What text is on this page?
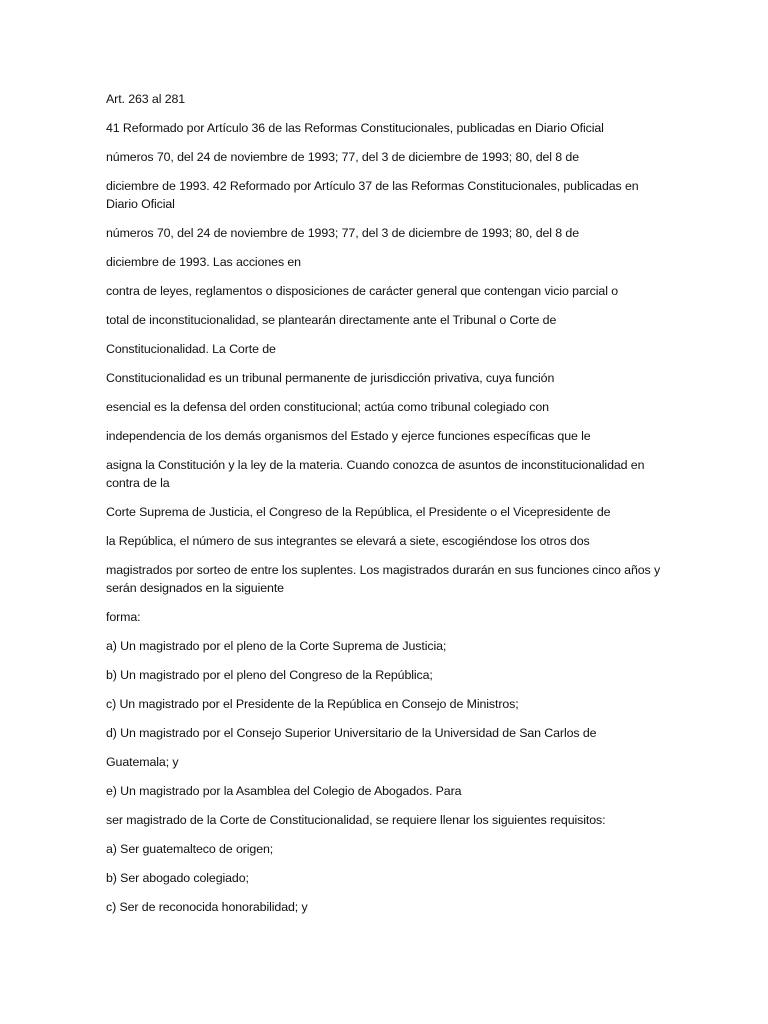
Art. 263 al 281

41 Reformado por Artículo 36 de las Reformas Constitucionales, publicadas en Diario Oficial

números 70, del 24 de noviembre de 1993; 77, del 3 de diciembre de 1993; 80, del 8 de

diciembre de 1993. 42 Reformado por Artículo 37 de las Reformas Constitucionales, publicadas en Diario Oficial

números 70, del 24 de noviembre de 1993; 77, del 3 de diciembre de 1993; 80, del 8 de

diciembre de 1993. Las acciones en

contra de leyes, reglamentos o disposiciones de carácter general que contengan vicio parcial o

total de inconstitucionalidad, se plantearán directamente ante el Tribunal o Corte de

Constitucionalidad. La Corte de

Constitucionalidad es un tribunal permanente de jurisdicción privativa, cuya función

esencial es la defensa del orden constitucional; actúa como tribunal colegiado con

independencia de los demás organismos del Estado y ejerce funciones específicas que le

asigna la Constitución y la ley de la materia. Cuando conozca de asuntos de inconstitucionalidad en contra de la

Corte Suprema de Justicia, el Congreso de la República, el Presidente o el Vicepresidente de

la República, el número de sus integrantes se elevará a siete, escogiéndose los otros dos

magistrados por sorteo de entre los suplentes. Los magistrados durarán en sus funciones cinco años y serán designados en la siguiente

forma:

a) Un magistrado por el pleno de la Corte Suprema de Justicia;

b) Un magistrado por el pleno del Congreso de la República;

c) Un magistrado por el Presidente de la República en Consejo de Ministros;

d) Un magistrado por el Consejo Superior Universitario de la Universidad de San Carlos de

Guatemala; y

e) Un magistrado por la Asamblea del Colegio de Abogados. Para

ser magistrado de la Corte de Constitucionalidad, se requiere llenar los siguientes requisitos:

a) Ser guatemalteco de origen;

b) Ser abogado colegiado;

c) Ser de reconocida honorabilidad; y
